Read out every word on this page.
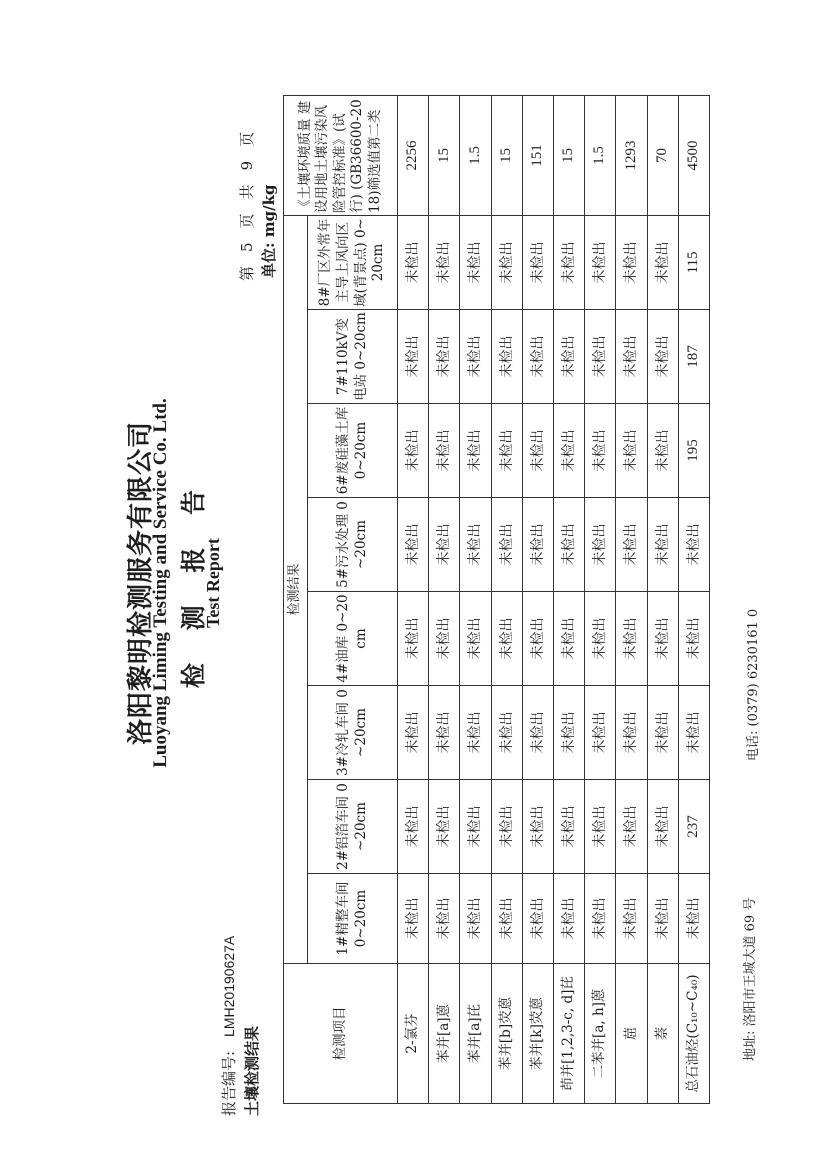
洛阳黎明检测服务有限公司
Luoyang Liming Testing and Service Co. Ltd. 检 测 报 告
Test Report
报告编号:LMH20190627A
土壤检测结果
第5页共9页
单位: mg/kg
检测项目	检测结果								《土壤环境质量 建设用地土壤污染风险管控标准》(试行) (GB36600-2018)筛选值第二类
	1#精整车间 0~20cm	2#铝箔车间 0~20cm	3#冷轧车间 0~20cm	4#油库 0~20cm	5#污水处理 0~20cm	6#废硅藻土库 0~20cm	7#110kV变电站 0~20cm	8#厂区外常年主导上风向区域(背景点) 0~20cm	
2-氯芬	未检出	未检出	未检出	未检出	未检出	未检出	未检出	未检出	2256
苯并[a]蒽	未检出	未检出	未检出	未检出	未检出	未检出	未检出	未检出	15
苯并[a]芘	未检出	未检出	未检出	未检出	未检出	未检出	未检出	未检出	1.5
苯并[b]荧蒽	未检出	未检出	未检出	未检出	未检出	未检出	未检出	未检出	15
苯并[k]荧蒽	未检出	未检出	未检出	未检出	未检出	未检出	未检出	未检出	151
茚并[1,2,3-c, d]芘	未检出	未检出	未检出	未检出	未检出	未检出	未检出	未检出	15
二苯并[a, h]蒽	未检出	未检出	未检出	未检出	未检出	未检出	未检出	未检出	1.5
䓛	未检出	未检出	未检出	未检出	未检出	未检出	未检出	未检出	1293
萘	未检出	未检出	未检出	未检出	未检出	未检出	未检出	未检出	70
总石油烃(C₁₀~C₄₀)	未检出	237	未检出	未检出	未检出	195	187	115	4500
地址: 洛阳市王城大道 69 号
电话: (0379) 6230161 0
